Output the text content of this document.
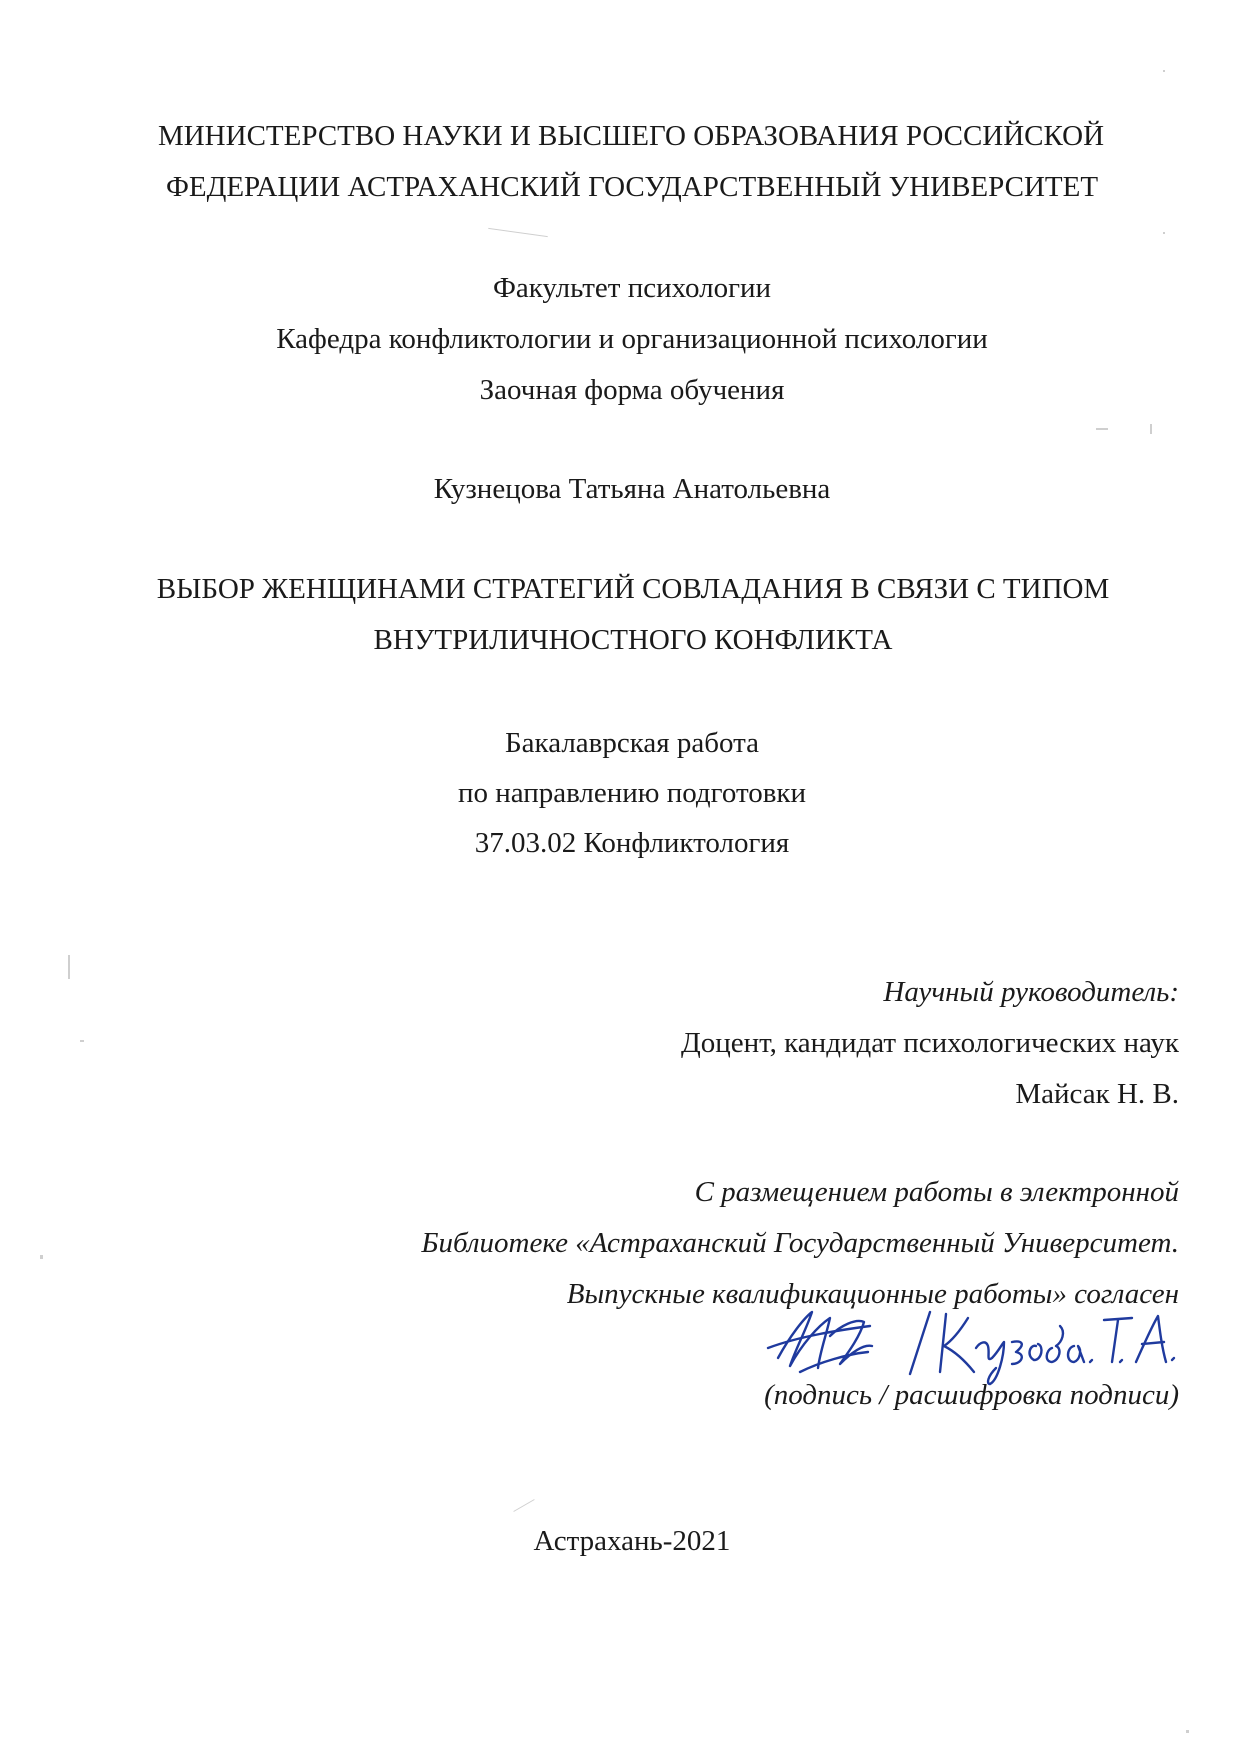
МИНИСТЕРСТВО НАУКИ И ВЫСШЕГО ОБРАЗОВАНИЯ РОССИЙСКОЙ
ФЕДЕРАЦИИ АСТРАХАНСКИЙ ГОСУДАРСТВЕННЫЙ УНИВЕРСИТЕТ
Факультет психологии
Кафедра конфликтологии и организационной психологии
Заочная форма обучения
Кузнецова Татьяна Анатольевна
ВЫБОР ЖЕНЩИНАМИ СТРАТЕГИЙ СОВЛАДАНИЯ В СВЯЗИ С ТИПОМ
ВНУТРИЛИЧНОСТНОГО КОНФЛИКТА
Бакалаврская работа
по направлению подготовки
37.03.02 Конфликтология
Научный руководитель:
Доцент, кандидат психологических наук
Майсак Н. В.
С размещением работы в электронной
Библиотеке «Астраханский Государственный Университет.
Выпускные квалификационные работы» согласен
(подпись / расшифровка подписи)
Астрахань-2021
